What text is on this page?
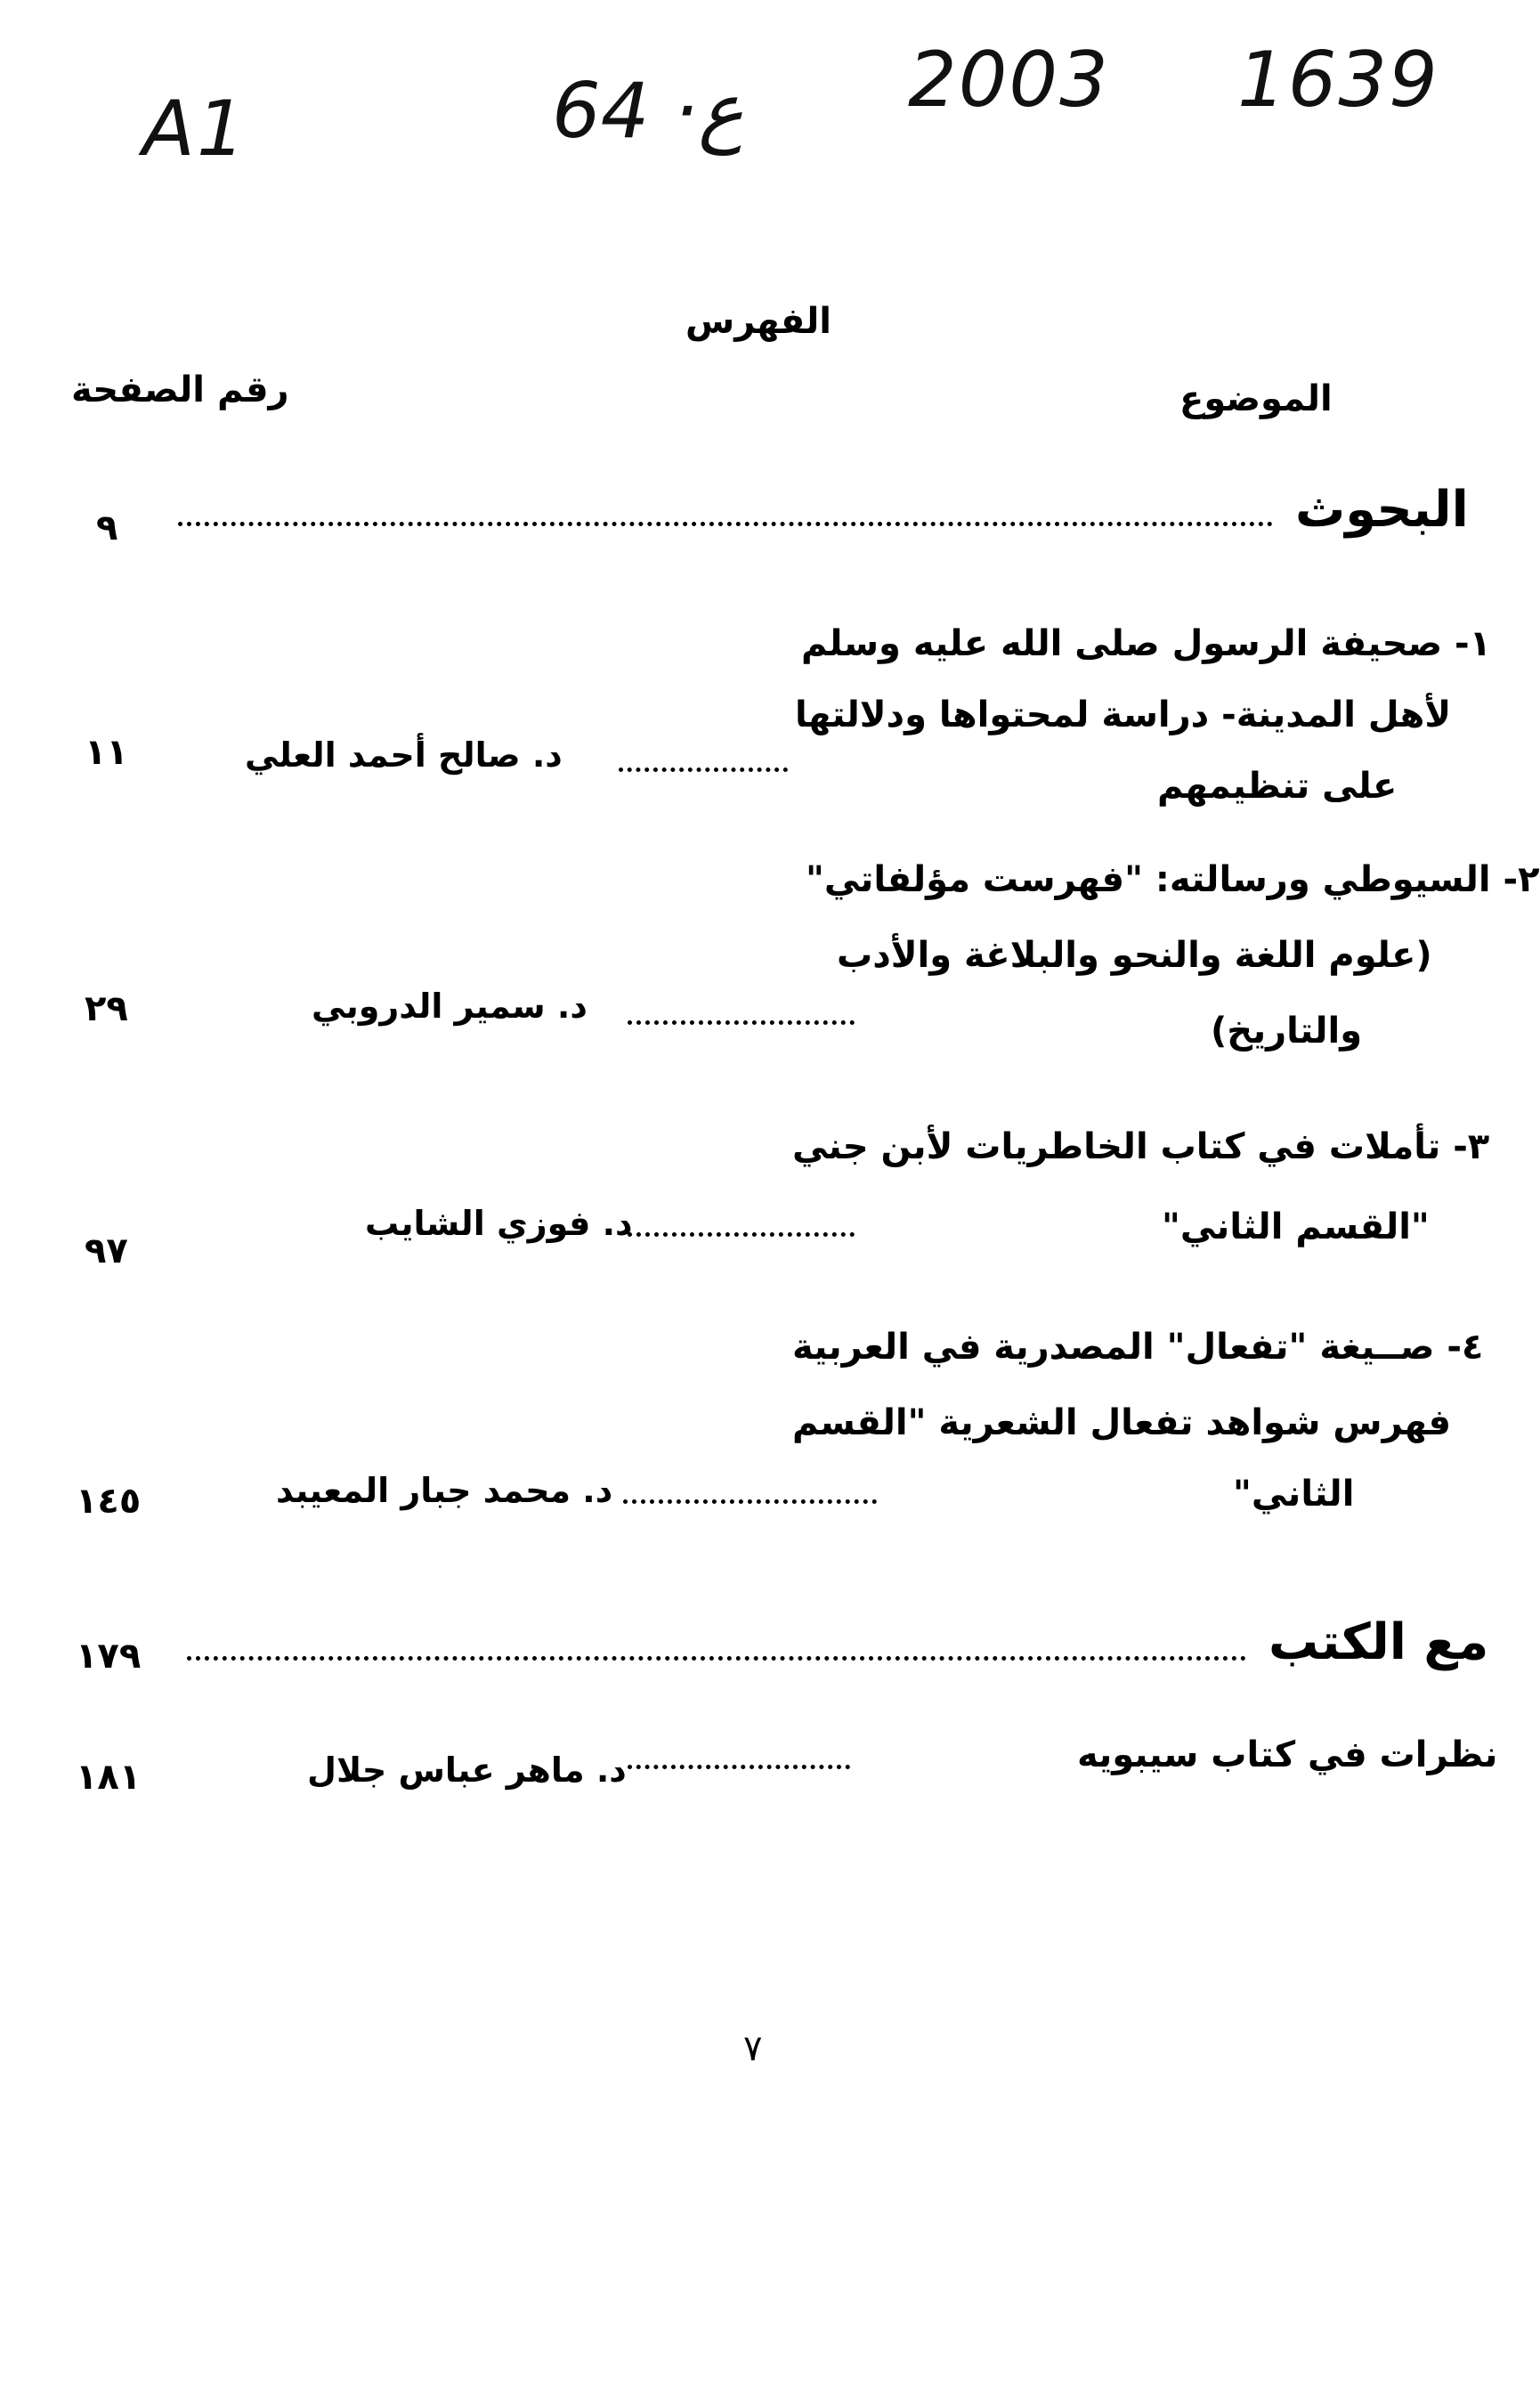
A1	64 ·ع 2003 1639
الفهرس
الموضوع
رقم الصفحة
البحوث
٩
١- صحيفة الرسول صلى الله عليه وسلم
لأهل المدينة- دراسة لمحتواها ودلالتها
على تنظيمهم
د. صالح أحمد العلي
١١
٢- السيوطي ورسالته: "فهرست مؤلفاتي"
(علوم اللغة والنحو والبلاغة والأدب
والتاريخ)
د. سمير الدروبي
٢٩
٣- تأملات في كتاب الخاطريات لأبن جني
"القسم الثاني"
د. فوزي الشايب
٩٧
٤- صــيغة "تفعال" المصدرية في العربية
فهرس شواهد تفعال الشعرية "القسم
الثاني"
د. محمد جبار المعيبد
١٤٥
مع الكتب
١٧٩
نظرات في كتاب سيبويه
د. ماهر عباس جلال
١٨١
٧
